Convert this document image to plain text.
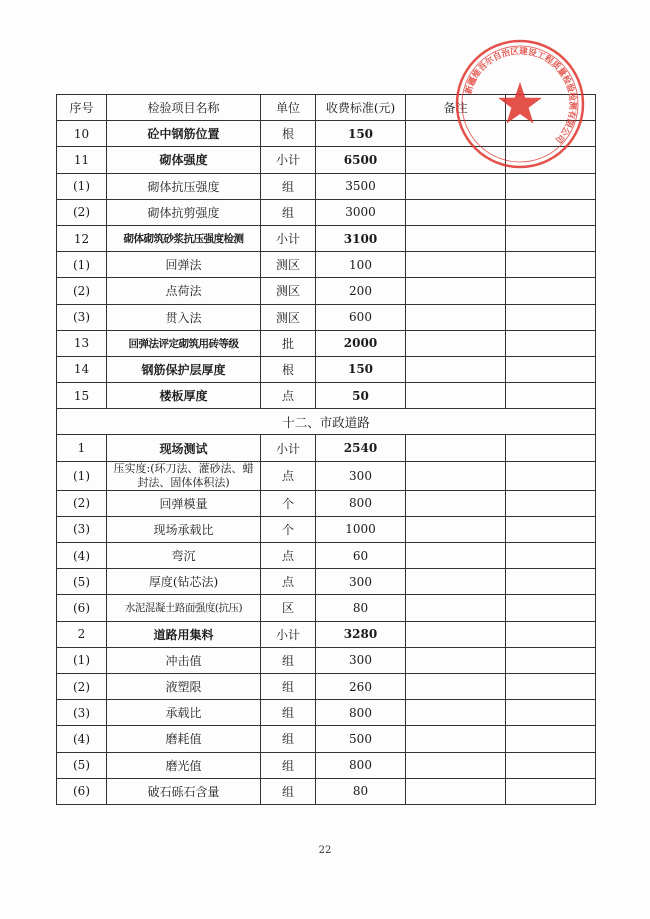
序号	检验项目名称	单位	收费标准(元)	备注	
10	砼中钢筋位置	根	150		
11	砌体强度	小计	6500		
(1)	砌体抗压强度	组	3500		
(2)	砌体抗剪强度	组	3000		
12	砌体砌筑砂浆抗压强度检测	小计	3100		
(1)	回弹法	测区	100		
(2)	点荷法	测区	200		
(3)	贯入法	测区	600		
13	回弹法评定砌筑用砖等级	批	2000		
14	钢筋保护层厚度	根	150		
15	楼板厚度	点	50		
十二、市政道路					
1	现场测试	小计	2540		
(1)	压实度:(环刀法、灌砂法、蜡封法、固体体积法)	点	300		
(2)	回弹模量	个	800		
(3)	现场承载比	个	1000		
(4)	弯沉	点	60		
(5)	厚度(钻芯法)	点	300		
(6)	水泥混凝土路面强度(抗压)	区	80		
2	道路用集料	小计	3280		
(1)	冲击值	组	300		
(2)	液塑限	组	260		
(3)	承载比	组	800		
(4)	磨耗值	组	500		
(5)	磨光值	组	800		
(6)	破石砾石含量	组	80		
新疆维吾尔自治区建设工程质量检验检测有限公司
22
